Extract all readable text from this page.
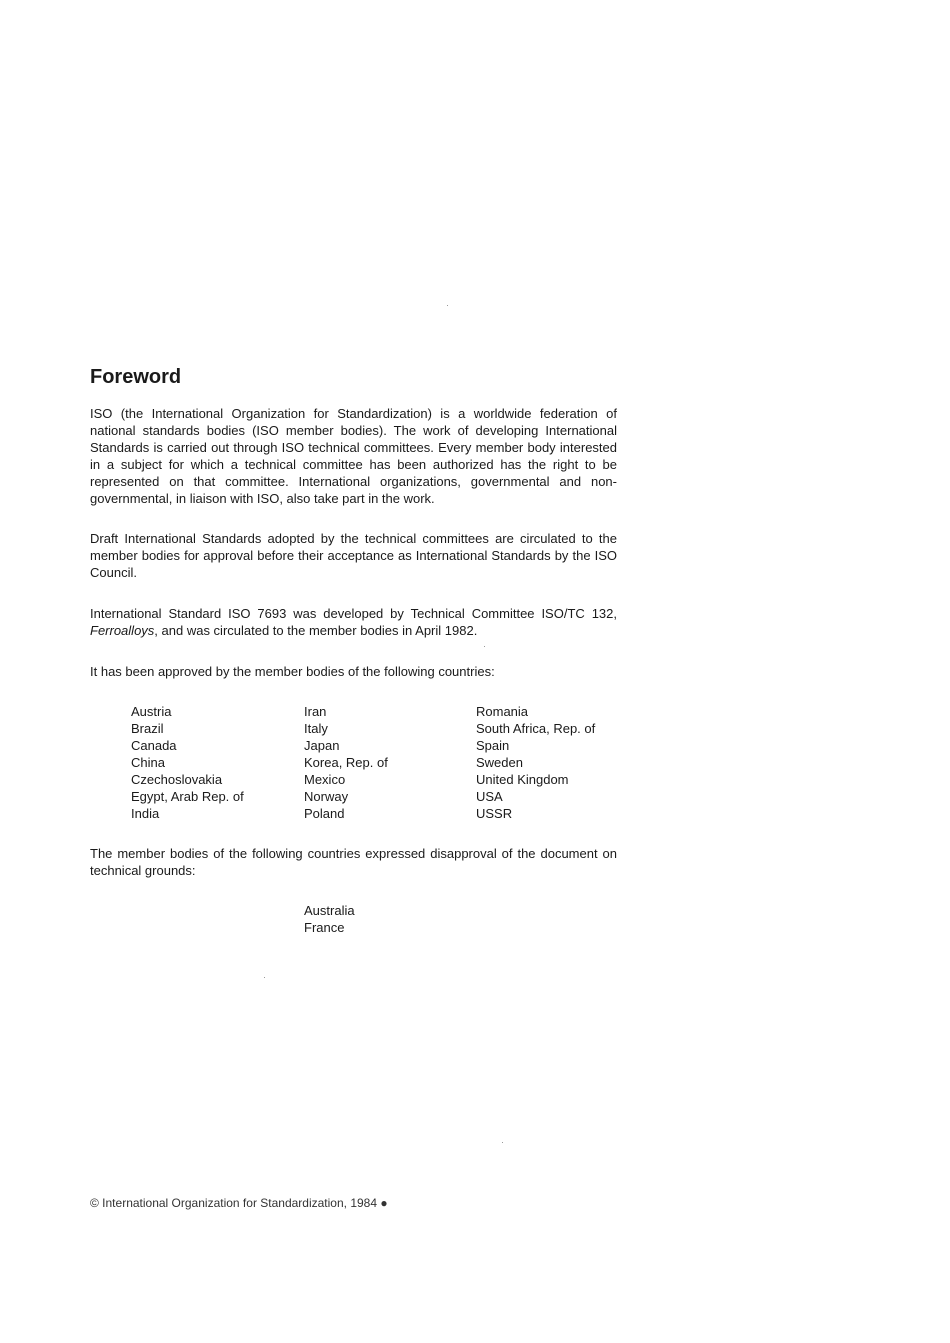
Foreword

ISO (the International Organization for Standardization) is a worldwide federation of national standards bodies (ISO member bodies). The work of developing International Standards is carried out through ISO technical committees. Every member body interested in a subject for which a technical committee has been authorized has the right to be represented on that committee. International organizations, governmental and non-governmental, in liaison with ISO, also take part in the work.

Draft International Standards adopted by the technical committees are circulated to the member bodies for approval before their acceptance as International Standards by the ISO Council.

International Standard ISO 7693 was developed by Technical Committee ISO/TC 132, Ferroalloys, and was circulated to the member bodies in April 1982.

It has been approved by the member bodies of the following countries:

Austria
Brazil
Canada
China
Czechoslovakia
Egypt, Arab Rep. of
India
Iran
Italy
Japan
Korea, Rep. of
Mexico
Norway
Poland
Romania
South Africa, Rep. of
Spain
Sweden
United Kingdom
USA
USSR

The member bodies of the following countries expressed disapproval of the document on technical grounds:

Australia
France
© International Organization for Standardization, 1984 ●
